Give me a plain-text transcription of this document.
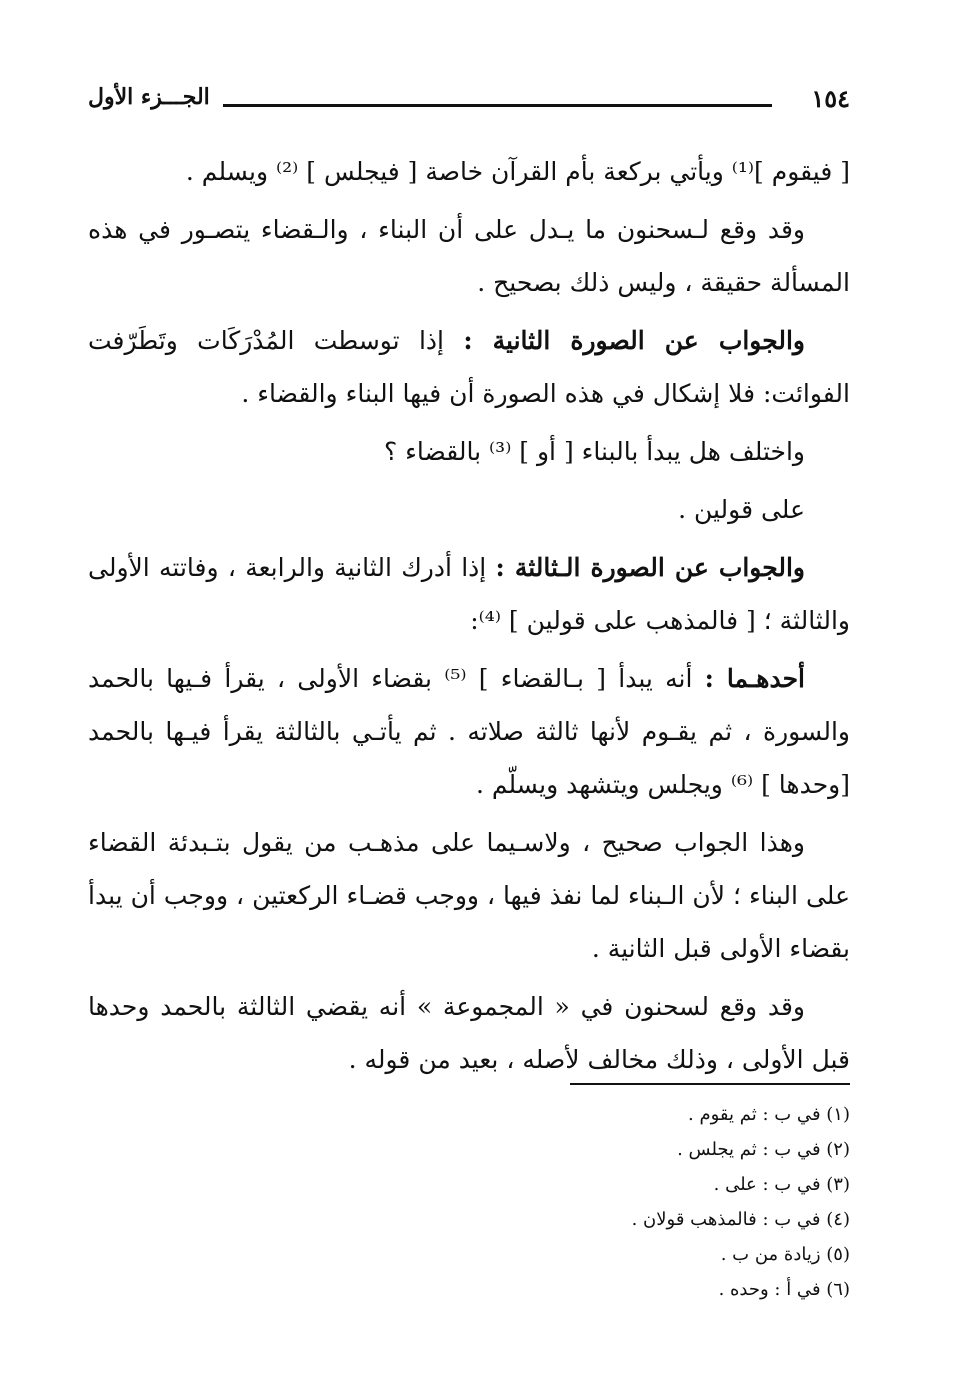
١٥٤
الجـــزء الأول

[ فيقوم ]⁽¹⁾ ويأتي بركعة بأم القرآن خاصة [ فيجلس ] ⁽²⁾ ويسلم .

وقد وقع لـسحنون ما يـدل على أن البناء ، والـقضاء يتصـور في هذه المسألة حقيقة ، وليس ذلك بصحيح .

والجواب عن الصورة الثانية : إذا توسطت المُدْرَكَات وتَطَرّفت الفوائت: فلا إشكال في هذه الصورة أن فيها البناء والقضاء .

واختلف هل يبدأ بالبناء [ أو ] ⁽³⁾ بالقضاء ؟

على قولين .

والجواب عن الصورة الـثالثة : إذا أدرك الثانية والرابعة ، وفاتته الأولى والثالثة ؛ [ فالمذهب على قولين ] ⁽⁴⁾:

أحدهـما : أنه يبدأ [ بـالقضاء ] ⁽⁵⁾ بقضاء الأولى ، يقرأ فـيها بالحمد والسورة ، ثم يقـوم لأنها ثالثة صلاته . ثم يأتـي بالثالثة يقرأ فيـها بالحمد [وحدها ] ⁽⁶⁾ ويجلس ويتشهد ويسلّم .

وهذا الجواب صحيح ، ولاسـيما على مذهـب من يقول بتـبدئة القضاء على البناء ؛ لأن الـبناء لما نفذ فيها ، ووجب قضـاء الركعتين ، ووجب أن يبدأ بقضاء الأولى قبل الثانية .

وقد وقع لسحنون في « المجموعة » أنه يقضي الثالثة بالحمد وحدها قبل الأولى ، وذلك مخالف لأصله ، بعيد من قوله .

(١) في ب : ثم يقوم .
(٢) في ب : ثم يجلس .
(٣) في ب : على .
(٤) في ب : فالمذهب قولان .
(٥) زيادة من ب .
(٦) في أ : وحده .
